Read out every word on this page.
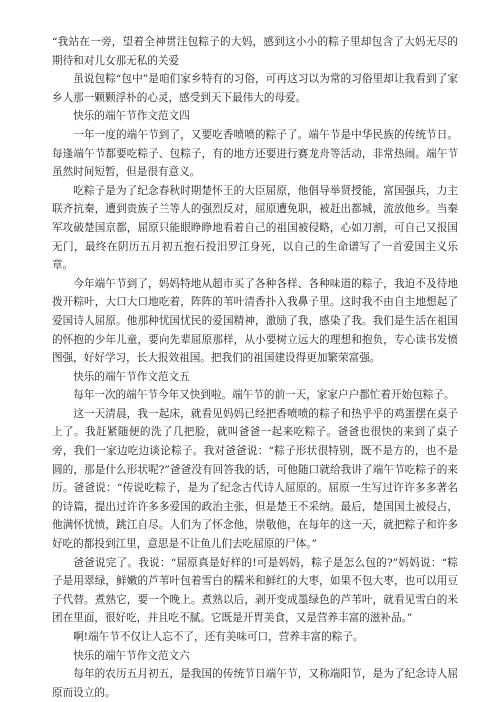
“我站在一旁，望着全神贯注包粽子的大妈，感到这小小的粽子里却包含了大妈无尽的期待和对儿女那无私的关爱

虽说包粽“包中”是咱们家乡特有的习俗，可再这习以为常的习俗里却让我看到了家乡人那一颗颗浮朴的心灵，感受到天下最伟大的母爱。

快乐的端午节作文范文四

一年一度的端午节到了，又要吃香喷喷的粽子了。端午节是中华民族的传统节日。每逢端午节都要吃粽子、包粽子，有的地方还要进行赛龙舟等活动，非常热闹。端午节虽然时间短暂，但是很有意义。

吃粽子是为了纪念春秋时期楚怀王的大臣屈原，他倡导举贤授能，富国强兵，力主联齐抗秦，遭到贵族子兰等人的强烈反对，屈原遭免职，被赶出都城，流放他乡。当秦军攻破楚国京都，屈原只能眼睁睁地看着自己的祖国被侵略，心如刀割，可自己又报国无门，最终在阴历五月初五抱石投汨罗江身死，以自己的生命谱写了一首爱国主义乐章。

今年端午节到了，妈妈特地从超市买了各种各样、各种味道的粽子，我迫不及待地拨开粽叶，大口大口地吃着，阵阵的苇叶清香扑入我鼻子里。这时我不由自主地想起了爱国诗人屈原。他那种忧国忧民的爱国精神，激励了我，感染了我。我们是生活在祖国的怀抱的少年儿童，要向先辈屈原那样，从小要树立远大的理想和抱负，专心读书发愤图强，好好学习，长大报效祖国。把我们的祖国建设得更加繁荣富强。

快乐的端午节作文范文五

每年一次的端午节今年又快到啦。端午节的前一天，家家户户都忙着开始包粽子。

这一天清晨，我一起床，就看见妈妈已经把香喷喷的粽子和热乎乎的鸡蛋摆在桌子上了。我赶紧随便的洗了几把脸，就叫爸爸一起来吃粽子。爸爸也很快的来到了桌子旁，我们一家边吃边谈论粽子。我对爸爸说：“粽子形状很特别，既不是方的，也不是圆的，那是什么形状呢?”爸爸没有回答我的话，可他随口就给我讲了端午节吃粽子的来历。爸爸说：“传说吃粽子，是为了纪念古代诗人屈原的。屈原一生写过许许多多著名的诗篇，提出过许许多多爱国的政治主张，但是楚王不采纳。最后，楚国国土被侵占，他满怀忧愤，跳江自尽。人们为了怀念他，崇敬他，在每年的这一天，就把粽子和许多好吃的都投到江里，意思是不让鱼儿们去吃屈原的尸体。”

爸爸说完了。我说：“屈原真是好样的!可是妈妈，粽子是怎么包的?”妈妈说：“粽子是用翠绿，鲜嫩的芦苇叶包着雪白的糯米和鲜红的大枣，如果不包大枣，也可以用豆子代替。煮熟它，要一个晚上。煮熟以后，剥开变成墨绿色的芦苇叶，就看见雪白的米团在里面，很好吃，并且吃不腻。它既是开胃美食，又是营养丰富的滋补品。”

啊!端午节不仅让人忘不了，还有美味可口，营养丰富的粽子。

快乐的端午节作文范文六

每年的农历五月初五，是我国的传统节日端午节，又称端阳节，是为了纪念诗人屈原而设立的。
